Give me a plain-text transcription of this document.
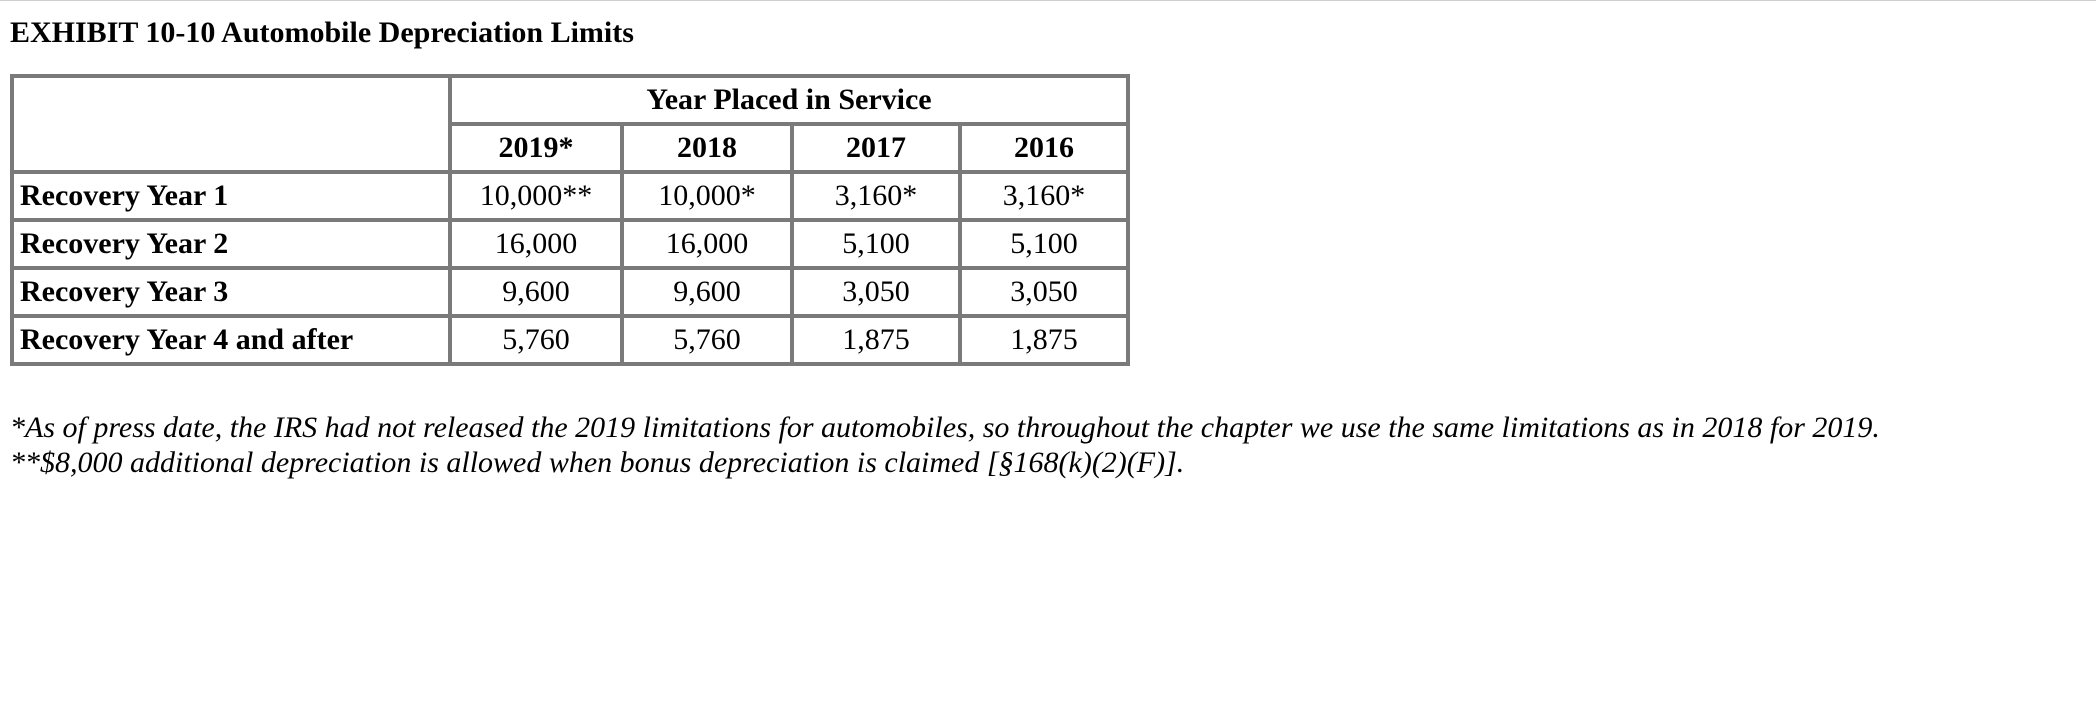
EXHIBIT 10-10 Automobile Depreciation Limits
	Year Placed in Service			
	2019*	2018	2017	2016
Recovery Year 1	10,000**	10,000*	3,160*	3,160*
Recovery Year 2	16,000	16,000	5,100	5,100
Recovery Year 3	9,600	9,600	3,050	3,050
Recovery Year 4 and after	5,760	5,760	1,875	1,875
*As of press date, the IRS had not released the 2019 limitations for automobiles, so throughout the chapter we use the same limitations as in 2018 for 2019.
**$8,000 additional depreciation is allowed when bonus depreciation is claimed [§168(k)(2)(F)].
